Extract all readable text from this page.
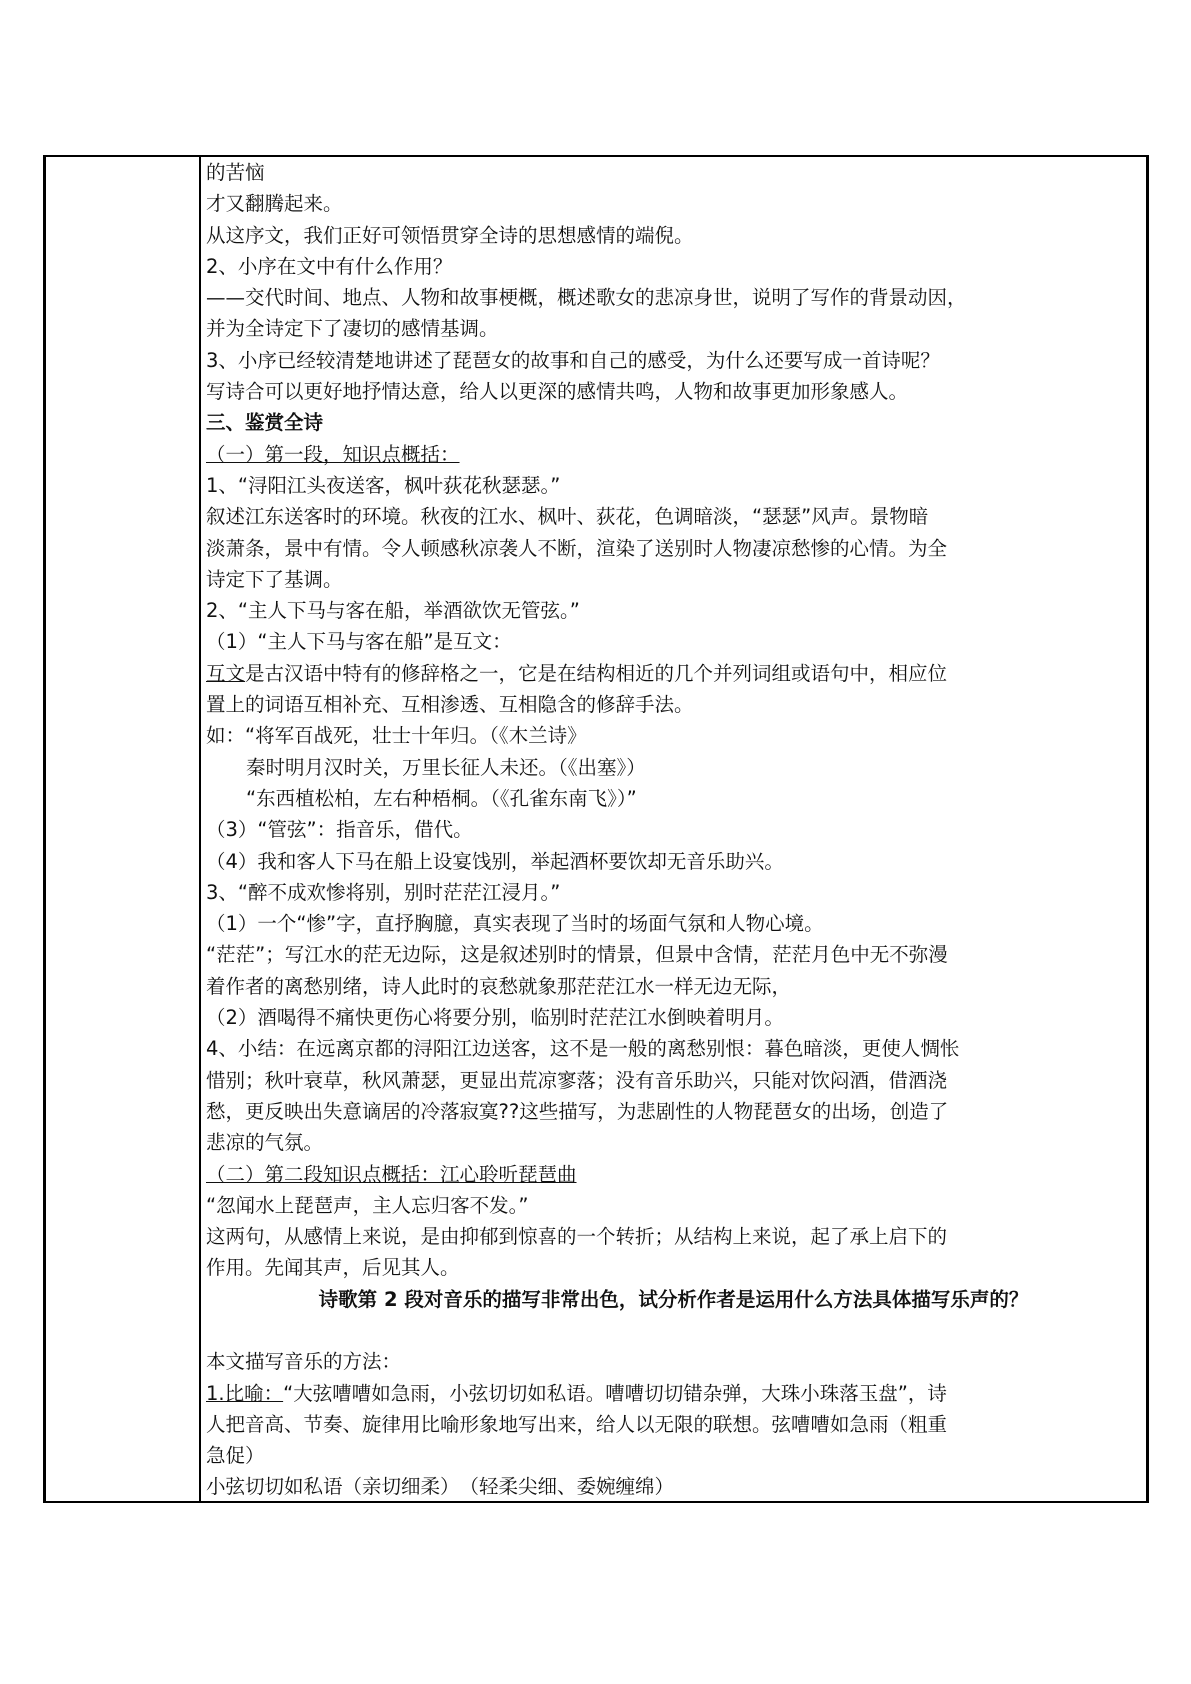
的苦恼
才又翻腾起来。
从这序文，我们正好可领悟贯穿全诗的思想感情的端倪。
2、小序在文中有什么作用？
——交代时间、地点、人物和故事梗概，概述歌女的悲凉身世，说明了写作的背景动因，
并为全诗定下了凄切的感情基调。
3、小序已经较清楚地讲述了琵琶女的故事和自己的感受，为什么还要写成一首诗呢？
写诗合可以更好地抒情达意，给人以更深的感情共鸣，人物和故事更加形象感人。
三、鉴赏全诗
（一）第一段，知识点概括：
1、“浔阳江头夜送客，枫叶荻花秋瑟瑟。”
叙述江东送客时的环境。秋夜的江水、枫叶、荻花，色调暗淡，“瑟瑟”风声。景物暗
淡萧条，景中有情。令人顿感秋凉袭人不断，渲染了送别时人物凄凉愁惨的心情。为全
诗定下了基调。
2、“主人下马与客在船，举酒欲饮无管弦。”
（1）“主人下马与客在船”是互文：
互文是古汉语中特有的修辞格之一，它是在结构相近的几个并列词组或语句中，相应位
置上的词语互相补充、互相渗透、互相隐含的修辞手法。
如：“将军百战死，壮士十年归。（《木兰诗》
秦时明月汉时关，万里长征人未还。（《出塞》）
“东西植松柏，左右种梧桐。（《孔雀东南飞》）”
（3）“管弦”：指音乐，借代。
（4）我和客人下马在船上设宴饯别，举起酒杯要饮却无音乐助兴。
3、“醉不成欢惨将别，别时茫茫江浸月。”
（1）一个“惨”字，直抒胸臆，真实表现了当时的场面气氛和人物心境。
“茫茫”；写江水的茫无边际，这是叙述别时的情景，但景中含情，茫茫月色中无不弥漫
着作者的离愁别绪，诗人此时的哀愁就象那茫茫江水一样无边无际，
（2）酒喝得不痛快更伤心将要分别，临别时茫茫江水倒映着明月。
4、小结：在远离京都的浔阳江边送客，这不是一般的离愁别恨：暮色暗淡，更使人惆怅
惜别；秋叶衰草，秋风萧瑟，更显出荒凉寥落；没有音乐助兴，只能对饮闷酒，借酒浇
愁，更反映出失意谪居的冷落寂寞??这些描写，为悲剧性的人物琵琶女的出场，创造了
悲凉的气氛。
（二）第二段知识点概括：江心聆听琵琶曲
“忽闻水上琵琶声，主人忘归客不发。”
这两句，从感情上来说，是由抑郁到惊喜的一个转折；从结构上来说，起了承上启下的
作用。先闻其声，后见其人。
诗歌第 2 段对音乐的描写非常出色，试分析作者是运用什么方法具体描写乐声的？
本文描写音乐的方法：
1.比喻：“大弦嘈嘈如急雨，小弦切切如私语。嘈嘈切切错杂弹，大珠小珠落玉盘”，诗
人把音高、节奏、旋律用比喻形象地写出来，给人以无限的联想。弦嘈嘈如急雨（粗重
急促）
小弦切切如私语（亲切细柔）　（轻柔尖细、委婉缠绵）
